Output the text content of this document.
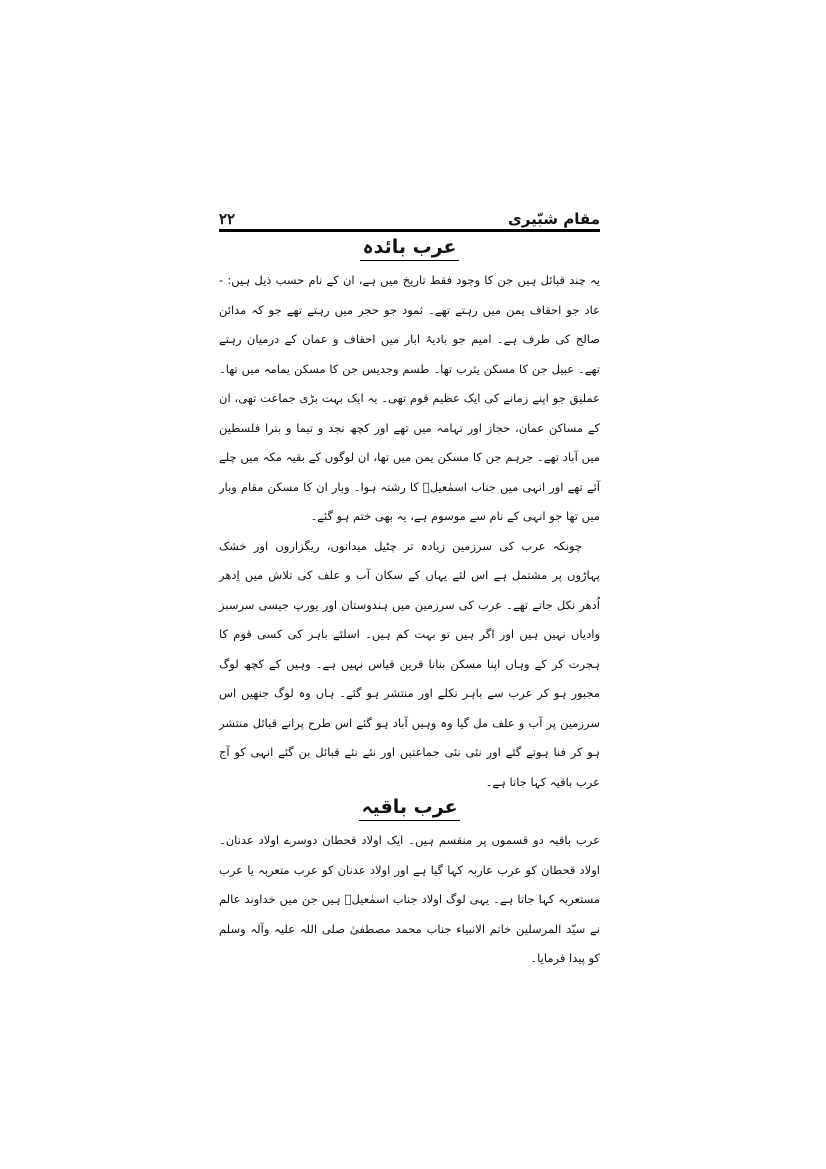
۲۲	مقام شبّیری
عرب بائدہ

یہ چند قبائل ہیں جن کا وجود فقط تاریخ میں ہے، ان کے نام حسب ذیل ہیں: - عاد جو احقاف یمن میں رہتے تھے۔ ثمود جو حجر میں رہتے تھے جو کہ مدائن صالح کی طرف ہے۔ امیم جو بادیۂ ابار میں احقاف و عمان کے درمیان رہتے تھے۔ عبیل جن کا مسکن یثرب تھا۔ طسم وجدیس جن کا مسکن یمامہ میں تھا۔ عملیق جو اپنے زمانے کی ایک عظیم قوم تھی۔ یہ ایک بہت بڑی جماعت تھی، ان کے مساکن عمان، حجاز اور تہامہ میں تھے اور کچھ نجد و تیما و بترا فلسطین میں آباد تھے۔ جرہم جن کا مسکن یمن میں تھا، ان لوگوں کے بقیہ مکہ میں چلے آئے تھے اور انہی میں جناب اسمٰعیلؑ کا رشتہ ہوا۔ وبار ان کا مسکن مقام وبار میں تھا جو انہی کے نام سے موسوم ہے، یہ بھی ختم ہو گئے۔

چونکہ عرب کی سرزمین زیادہ تر چٹیل میدانوں، ریگزاروں اور خشک پہاڑوں پر مشتمل ہے اس لئے یہاں کے سکان آب و علف کی تلاش میں اِدھر اُدھر نکل جاتے تھے۔ عرب کی سرزمین میں ہندوستان اور یورپ جیسی سرسبز وادیاں نہیں ہیں اور اگر ہیں تو بہت کم ہیں۔ اسلئے باہر کی کسی قوم کا ہجرت کر کے وہاں اپنا مسکن بنانا قرین قیاس نہیں ہے۔ وہیں کے کچھ لوگ مجبور ہو کر عرب سے باہر نکلے اور منتشر ہو گئے۔ ہاں وہ لوگ جنھیں اس سرزمین پر آب و علف مل گیا وہ وہیں آباد ہو گئے اس طرح پرانے قبائل منتشر ہو کر فنا ہوتے گئے اور نئی نئی جماعتیں اور نئے نئے قبائل بن گئے انہی کو آج عرب باقیہ کہا جاتا ہے۔

عرب باقیہ

عرب باقیہ دو قسموں پر منقسم ہیں۔ ایک اولاد قحطان دوسرے اولاد عدنان۔ اولاد قحطان کو عرب عاربہ کہا گیا ہے اور اولاد عدنان کو عرب متعربہ یا عرب مستعربہ کہا جاتا ہے۔ یہی لوگ اولاد جناب اسمٰعیلؑ ہیں جن میں خداوند عالم نے سیّد المرسلین خاتم الانبیاء جناب محمد مصطفیٰ صلی اللہ علیہ وآلہ وسلم کو پیدا فرمایا۔
